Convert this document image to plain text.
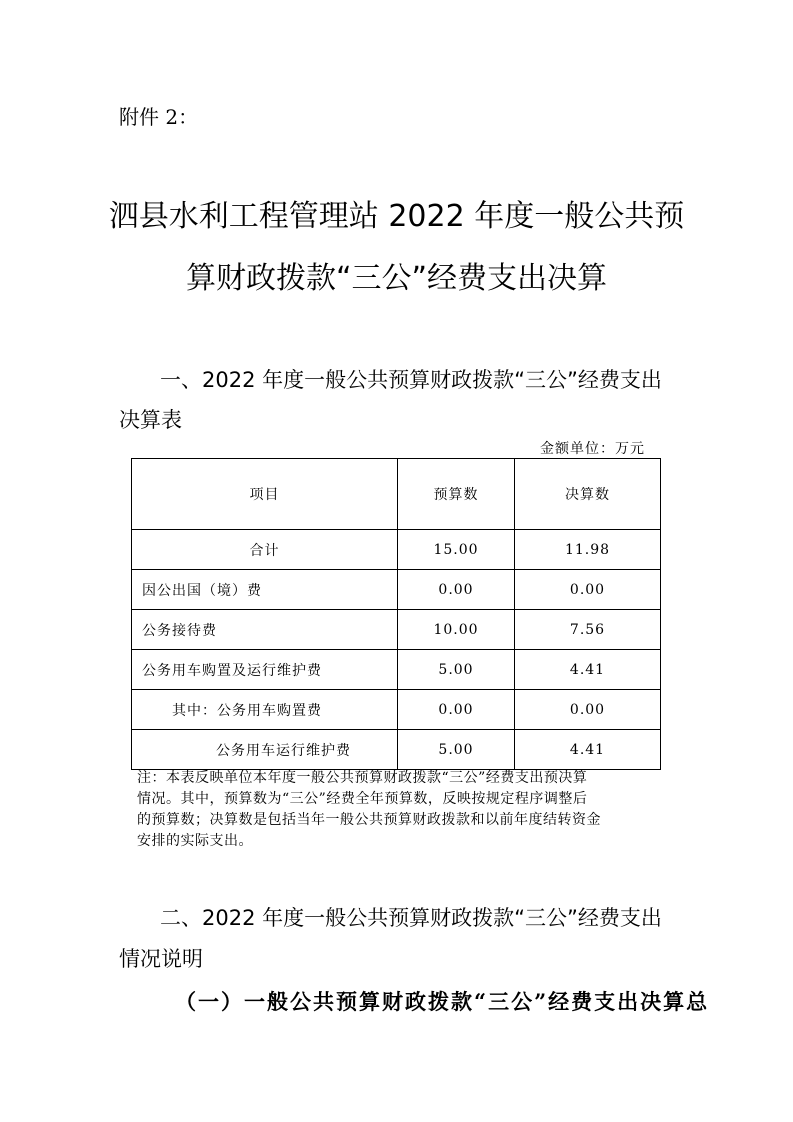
附件 2：
泗县水利工程管理站 2022 年度一般公共预
算财政拨款“三公”经费支出决算
一、2022 年度一般公共预算财政拨款“三公”经费支出
决算表
金额单位：万元
项目	预算数	决算数
合计	15.00	11.98
因公出国（境）费	0.00	0.00
公务接待费	10.00	7.56
公务用车购置及运行维护费	5.00	4.41
其中：公务用车购置费	0.00	0.00
公务用车运行维护费	5.00	4.41
注：本表反映单位本年度一般公共预算财政拨款“三公”经费支出预决算
情况。其中，预算数为“三公”经费全年预算数，反映按规定程序调整后
的预算数；决算数是包括当年一般公共预算财政拨款和以前年度结转资金
安排的实际支出。
二、2022 年度一般公共预算财政拨款“三公”经费支出
情况说明
（一）一般公共预算财政拨款“三公”经费支出决算总
